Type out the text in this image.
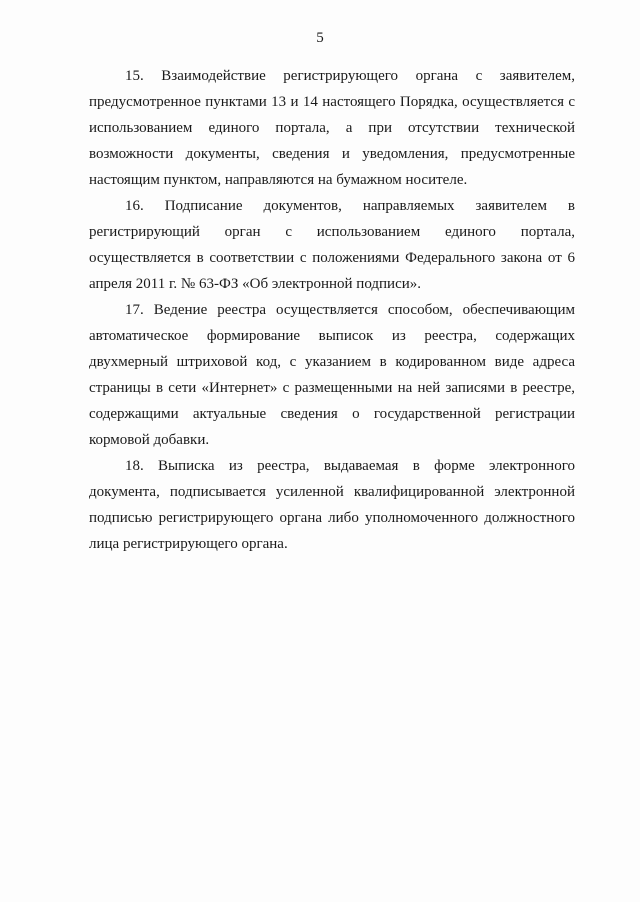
5

15. Взаимодействие регистрирующего органа с заявителем, предусмотренное пунктами 13 и 14 настоящего Порядка, осуществляется с использованием единого портала, а при отсутствии технической возможности документы, сведения и уведомления, предусмотренные настоящим пунктом, направляются на бумажном носителе.

16. Подписание документов, направляемых заявителем в регистрирующий орган с использованием единого портала, осуществляется в соответствии с положениями Федерального закона от 6 апреля 2011 г. № 63-ФЗ «Об электронной подписи».

17. Ведение реестра осуществляется способом, обеспечивающим автоматическое формирование выписок из реестра, содержащих двухмерный штриховой код, с указанием в кодированном виде адреса страницы в сети «Интернет» с размещенными на ней записями в реестре, содержащими актуальные сведения о государственной регистрации кормовой добавки.

18. Выписка из реестра, выдаваемая в форме электронного документа, подписывается усиленной квалифицированной электронной подписью регистрирующего органа либо уполномоченного должностного лица регистрирующего органа.
